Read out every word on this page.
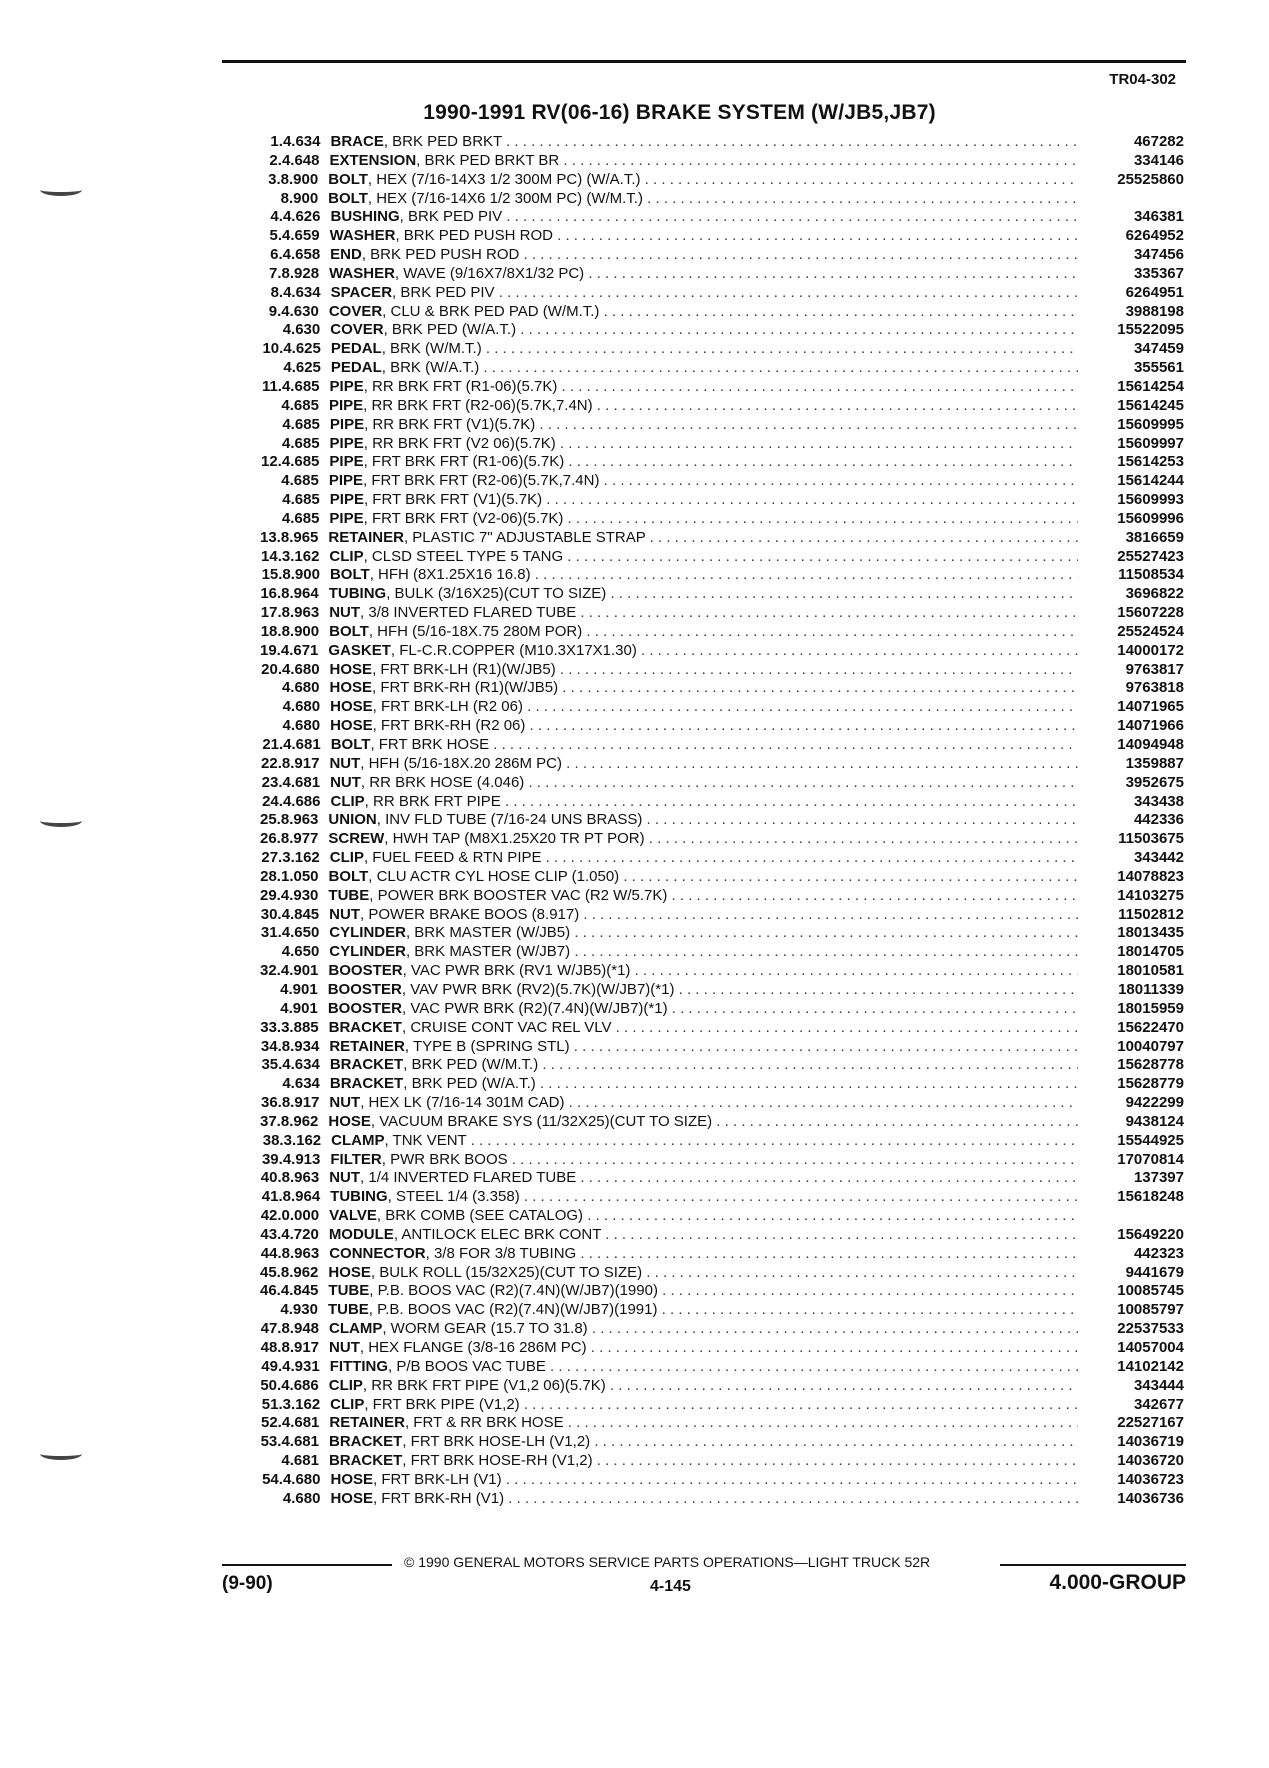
TR04-302
1990-1991 RV(06-16) BRAKE SYSTEM (W/JB5,JB7)
1. 4.634 BRACE, BRK PED BRKT . . .	467282
2. 4.648 EXTENSION, BRK PED BRKT BR . . .	334146
3. 8.900 BOLT, HEX (7/16-14X3 1/2 300M PC) (W/A.T.) . . .	25525860
8.900 BOLT, HEX (7/16-14X6 1/2 300M PC) (W/M.T.) . . .
4. 4.626 BUSHING, BRK PED PIV . . .	346381
5. 4.659 WASHER, BRK PED PUSH ROD . . .	6264952
6. 4.658 END, BRK PED PUSH ROD . . .	347456
7. 8.928 WASHER, WAVE (9/16X7/8X1/32 PC) . . .	335367
8. 4.634 SPACER, BRK PED PIV . . .	6264951
9. 4.630 COVER, CLU & BRK PED PAD (W/M.T.) . . .	3988198
4.630 COVER, BRK PED (W/A.T.) . . .	15522095
10. 4.625 PEDAL, BRK (W/M.T.) . . .	347459
4.625 PEDAL, BRK (W/A.T.) . . .	355561
11. 4.685 PIPE, RR BRK FRT (R1-06)(5.7K) . . .	15614254
4.685 PIPE, RR BRK FRT (R2-06)(5.7K,7.4N) . . .	15614245
4.685 PIPE, RR BRK FRT (V1)(5.7K) . . .	15609995
4.685 PIPE, RR BRK FRT (V2 06)(5.7K) . . .	15609997
12. 4.685 PIPE, FRT BRK FRT (R1-06)(5.7K) . . .	15614253
4.685 PIPE, FRT BRK FRT (R2-06)(5.7K,7.4N) . . .	15614244
4.685 PIPE, FRT BRK FRT (V1)(5.7K) . . .	15609993
4.685 PIPE, FRT BRK FRT (V2-06)(5.7K) . . .	15609996
13. 8.965 RETAINER, PLASTIC 7" ADJUSTABLE STRAP . . .	3816659
14. 3.162 CLIP, CLSD STEEL TYPE 5 TANG . . .	25527423
15. 8.900 BOLT, HFH (8X1.25X16 16.8) . . .	11508534
16. 8.964 TUBING, BULK (3/16X25)(CUT TO SIZE) . . .	3696822
17. 8.963 NUT, 3/8 INVERTED FLARED TUBE . . .	15607228
18. 8.900 BOLT, HFH (5/16-18X.75 280M POR) . . .	25524524
19. 4.671 GASKET, FL-C.R.COPPER (M10.3X17X1.30) . . .	14000172
20. 4.680 HOSE, FRT BRK-LH (R1)(W/JB5) . . .	9763817
4.680 HOSE, FRT BRK-RH (R1)(W/JB5) . . .	9763818
4.680 HOSE, FRT BRK-LH (R2 06) . . .	14071965
4.680 HOSE, FRT BRK-RH (R2 06) . . .	14071966
21. 4.681 BOLT, FRT BRK HOSE . . .	14094948
22. 8.917 NUT, HFH (5/16-18X.20 286M PC) . . .	1359887
23. 4.681 NUT, RR BRK HOSE (4.046) . . .	3952675
24. 4.686 CLIP, RR BRK FRT PIPE . . .	343438
25. 8.963 UNION, INV FLD TUBE (7/16-24 UNS BRASS) . . .	442336
26. 8.977 SCREW, HWH TAP (M8X1.25X20 TR PT POR) . . .	11503675
27. 3.162 CLIP, FUEL FEED & RTN PIPE . . .	343442
28. 1.050 BOLT, CLU ACTR CYL HOSE CLIP (1.050) . . .	14078823
29. 4.930 TUBE, POWER BRK BOOSTER VAC (R2 W/5.7K) . . .	14103275
30. 4.845 NUT, POWER BRAKE BOOS (8.917) . . .	11502812
31. 4.650 CYLINDER, BRK MASTER (W/JB5) . . .	18013435
4.650 CYLINDER, BRK MASTER (W/JB7) . . .	18014705
32. 4.901 BOOSTER, VAC PWR BRK (RV1 W/JB5)(*1) . . .	18010581
4.901 BOOSTER, VAV PWR BRK (RV2)(5.7K)(W/JB7)(*1) . . .	18011339
4.901 BOOSTER, VAC PWR BRK (R2)(7.4N)(W/JB7)(*1) . . .	18015959
33. 3.885 BRACKET, CRUISE CONT VAC REL VLV . . .	15622470
34. 8.934 RETAINER, TYPE B (SPRING STL) . . .	10040797
35. 4.634 BRACKET, BRK PED (W/M.T.) . . .	15628778
4.634 BRACKET, BRK PED (W/A.T.) . . .	15628779
36. 8.917 NUT, HEX LK (7/16-14 301M CAD) . . .	9422299
37. 8.962 HOSE, VACUUM BRAKE SYS (11/32X25)(CUT TO SIZE) . . .	9438124
38. 3.162 CLAMP, TNK VENT . . .	15544925
39. 4.913 FILTER, PWR BRK BOOS . . .	17070814
40. 8.963 NUT, 1/4 INVERTED FLARED TUBE . . .	137397
41. 8.964 TUBING, STEEL 1/4 (3.358) . . .	15618248
42. 0.000 VALVE, BRK COMB (SEE CATALOG) . . .
43. 4.720 MODULE, ANTILOCK ELEC BRK CONT . . .	15649220
44. 8.963 CONNECTOR, 3/8 FOR 3/8 TUBING . . .	442323
45. 8.962 HOSE, BULK ROLL (15/32X25)(CUT TO SIZE) . . .	9441679
46. 4.845 TUBE, P.B. BOOS VAC (R2)(7.4N)(W/JB7)(1990) . . .	10085745
4.930 TUBE, P.B. BOOS VAC (R2)(7.4N)(W/JB7)(1991) . . .	10085797
47. 8.948 CLAMP, WORM GEAR (15.7 TO 31.8) . . .	22537533
48. 8.917 NUT, HEX FLANGE (3/8-16 286M PC) . . .	14057004
49. 4.931 FITTING, P/B BOOS VAC TUBE . . .	14102142
50. 4.686 CLIP, RR BRK FRT PIPE (V1,2 06)(5.7K) . . .	343444
51. 3.162 CLIP, FRT BRK PIPE (V1,2) . . .	342677
52. 4.681 RETAINER, FRT & RR BRK HOSE . . .	22527167
53. 4.681 BRACKET, FRT BRK HOSE-LH (V1,2) . . .	14036719
4.681 BRACKET, FRT BRK HOSE-RH (V1,2) . . .	14036720
54. 4.680 HOSE, FRT BRK-LH (V1) . . .	14036723
4.680 HOSE, FRT BRK-RH (V1) . . .	14036736
© 1990 GENERAL MOTORS SERVICE PARTS OPERATIONS—LIGHT TRUCK 52R
(9-90)	4-145	4.000-GROUP
